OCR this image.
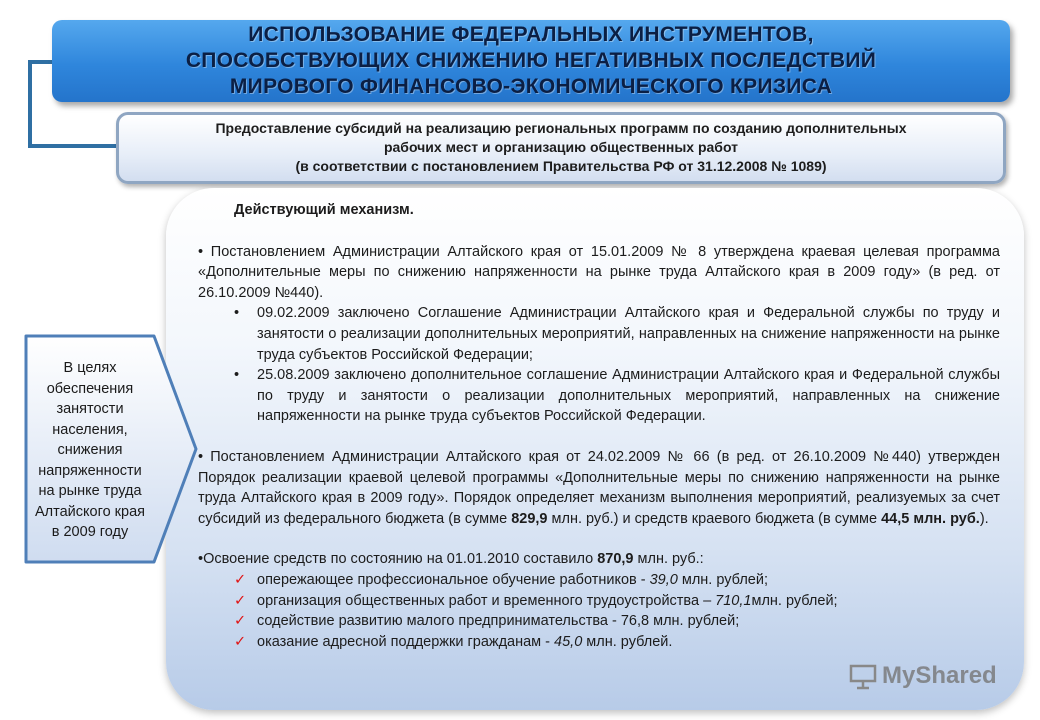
ИСПОЛЬЗОВАНИЕ ФЕДЕРАЛЬНЫХ ИНСТРУМЕНТОВ,
СПОСОБСТВУЮЩИХ СНИЖЕНИЮ НЕГАТИВНЫХ ПОСЛЕДСТВИЙ
МИРОВОГО ФИНАНСОВО-ЭКОНОМИЧЕСКОГО КРИЗИСА

Предоставление субсидий на реализацию региональных программ по созданию дополнительных

рабочих мест и организацию общественных работ

(в соответствии с постановлением Правительства РФ от 31.12.2008 № 1089)

Действующий механизм.

• Постановлением Администрации Алтайского края от 15.01.2009 № 8 утверждена краевая целевая программа «Дополнительные меры по снижению напряженности на рынке труда Алтайского края в 2009 году» (в ред. от 26.10.2009 №440).

• 09.02.2009 заключено Соглашение Администрации Алтайского края и Федеральной службы по труду и занятости о реализации дополнительных мероприятий, направленных на снижение напряженности на рынке труда субъектов Российской Федерации;
• 25.08.2009 заключено дополнительное соглашение Администрации Алтайского края и Федеральной службы по труду и занятости о реализации дополнительных мероприятий, направленных на снижение напряженности на рынке труда субъектов Российской Федерации.

• Постановлением Администрации Алтайского края от 24.02.2009 № 66 (в ред. от 26.10.2009 №440) утвержден Порядок реализации краевой целевой программы «Дополнительные меры по снижению напряженности на рынке труда Алтайского края в 2009 году». Порядок определяет механизм выполнения мероприятий, реализуемых за счет субсидий из федерального бюджета (в сумме 829,9 млн. руб.) и средств краевого бюджета (в сумме 44,5 млн. руб.).

•Освоение средств по состоянию на 01.01.2010 составило 870,9 млн. руб.:

✓ опережающее профессиональное обучение работников - 39,0 млн. рублей;
✓ организация общественных работ и временного трудоустройства – 710,1млн. рублей;
✓ содействие развитию малого предпринимательства - 76,8 млн. рублей;
✓ оказание адресной поддержки гражданам - 45,0 млн. рублей.

В целях обеспечения занятости населения, снижения напряженности на рынке труда Алтайского края в 2009 году

MyShared
